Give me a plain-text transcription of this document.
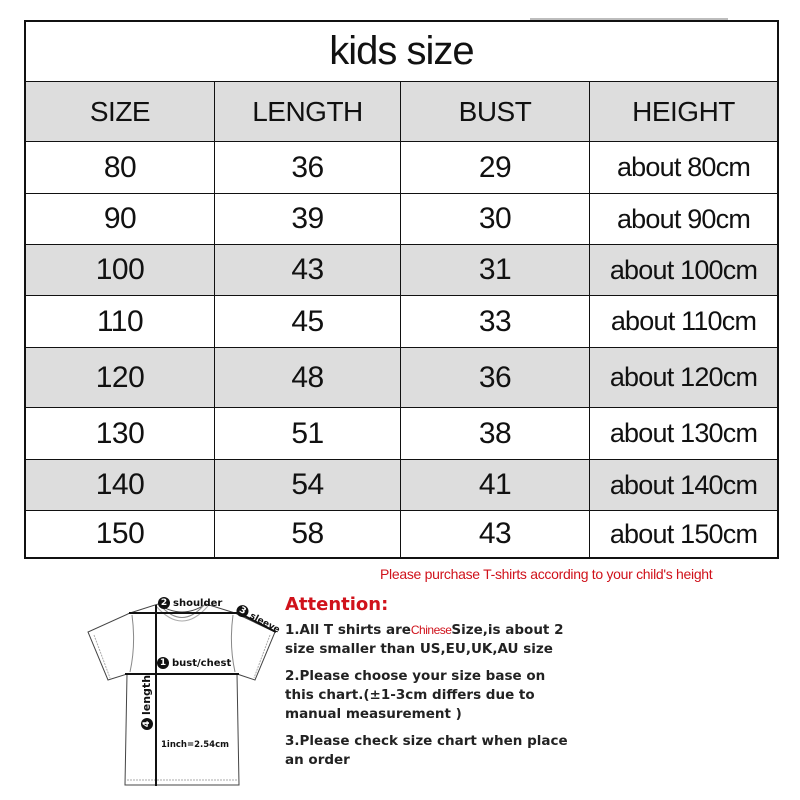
kids size
SIZE	LENGTH	BUST	HEIGHT
80	36	29	about 80cm
90	39	30	about 90cm
100	43	31	about 100cm
110	45	33	about 110cm
120	48	36	about 120cm
130	51	38	about 130cm
140	54	41	about 140cm
150	58	43	about 150cm
Please purchase T-shirts according to your child's height
2 shoulder
3sleeve
1 bust/chest
4length
1inch=2.54cm
Attention:
1.All T shirts areChineseSize,is about 2 size smaller than US,EU,UK,AU size
2.Please choose your size base on this chart.(±1-3cm differs due to manual measurement )
3.Please check size chart when place an order
